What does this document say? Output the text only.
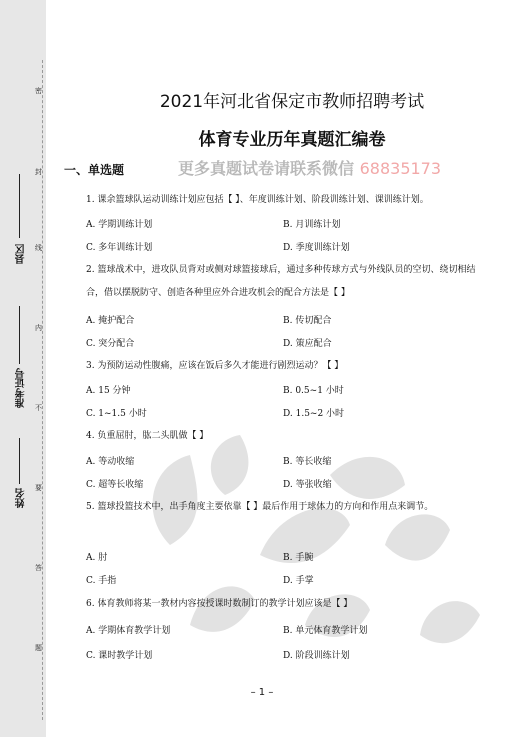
密
封
线
内
不
要
答
题
县区
准考证号
姓名
2021年河北省保定市教师招聘考试
体育专业历年真题汇编卷
一、单选题	更多真题试卷请联系微信 68835173
1. 课余篮球队运动训练计划应包括【 】、年度训练计划、阶段训练计划、课训练计划。
A. 学期训练计划	B. 月训练计划
C. 多年训练计划	D. 季度训练计划
2. 篮球战术中，进攻队员背对或侧对球篮接球后，通过多种传球方式与外线队员的空切、绕切相结合，借以摆脱防守、创造各种里应外合进攻机会的配合方法是【 】
A. 掩护配合	B. 传切配合
C. 突分配合	D. 策应配合
3. 为预防运动性腹痛，应该在饭后多久才能进行剧烈运动？【 】
A. 15 分钟	B. 0.5~1 小时
C. 1~1.5 小时	D. 1.5~2 小时
4. 负重屈肘，肱二头肌做【 】
A. 等动收缩	B. 等长收缩
C. 超等长收缩	D. 等张收缩
5. 篮球投篮技术中，出手角度主要依靠【 】最后作用于球体力的方向和作用点来调节。
A. 肘	B. 手腕
C. 手指	D. 手掌
6. 体育教师将某一教材内容按授课时数制订的教学计划应该是【 】
A. 学期体育教学计划	B. 单元体育教学计划
C. 课时教学计划	D. 阶段训练计划
– 1 –
